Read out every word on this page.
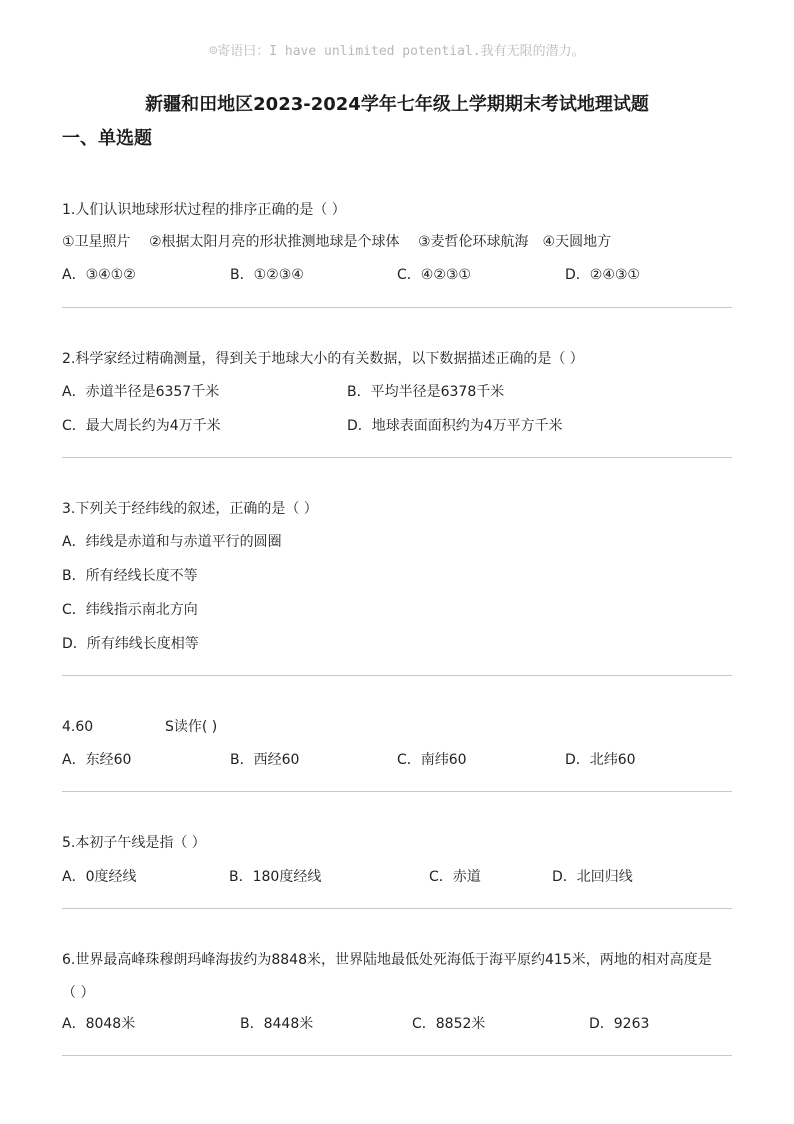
☺寄语曰：I have unlimited potential.我有无限的潜力。
新疆和田地区2023-2024学年七年级上学期期末考试地理试题
一、单选题
1.人们认识地球形状过程的排序正确的是（ ）
①卫星照片　 ②根据太阳月亮的形状推测地球是个球体　 ③麦哲伦环球航海　④天圆地方
A．③④①②	B．①②③④	C．④②③①	D．②④③①
2.科学家经过精确测量，得到关于地球大小的有关数据，以下数据描述正确的是（ ）
A．赤道半径是6357千米	B．平均半径是6378千米
C．最大周长约为4万千米	D．地球表面面积约为4万平方千米
3.下列关于经纬线的叙述，正确的是（ ）
A．纬线是赤道和与赤道平行的圆圈
B．所有经线长度不等
C．纬线指示南北方向
D．所有纬线长度相等
4.60	S读作( )
A．东经60	B．西经60	C．南纬60	D．北纬60
5.本初子午线是指（ ）
A．0度经线	B．180度经线	C．赤道	D．北回归线
6.世界最高峰珠穆朗玛峰海拔约为8848米，世界陆地最低处死海低于海平原约415米，两地的相对高度是
（ ）
A．8048米	B．8448米	C．8852米	D．9263
